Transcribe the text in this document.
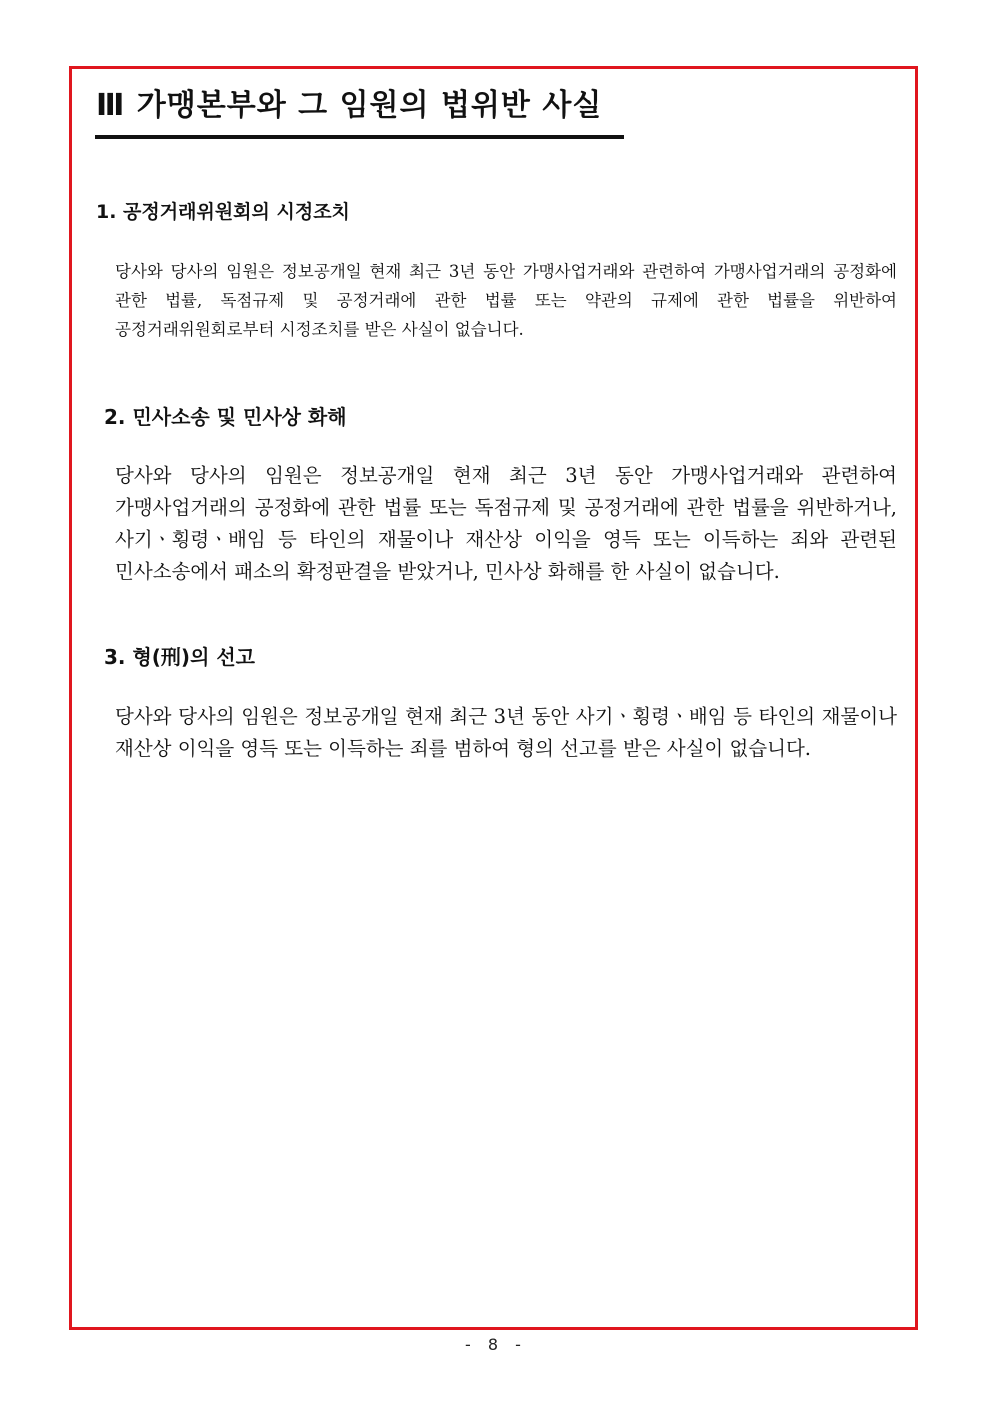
Ⅲ 가맹본부와 그 임원의 법위반 사실
1. 공정거래위원회의 시정조치

당사와 당사의 임원은 정보공개일 현재 최근 3년 동안 가맹사업거래와 관련하여 가맹사업거래의 공정화에 관한 법률, 독점규제 및 공정거래에 관한 법률 또는 약관의 규제에 관한 법률을 위반하여 공정거래위원회로부터 시정조치를 받은 사실이 없습니다.

2. 민사소송 및 민사상 화해

당사와 당사의 임원은 정보공개일 현재 최근 3년 동안 가맹사업거래와 관련하여 가맹사업거래의 공정화에 관한 법률 또는 독점규제 및 공정거래에 관한 법률을 위반하거나, 사기ㆍ횡령ㆍ배임 등 타인의 재물이나 재산상 이익을 영득 또는 이득하는 죄와 관련된 민사소송에서 패소의 확정판결을 받았거나, 민사상 화해를 한 사실이 없습니다.

3. 형(刑)의 선고

당사와 당사의 임원은 정보공개일 현재 최근 3년 동안 사기ㆍ횡령ㆍ배임 등 타인의 재물이나 재산상 이익을 영득 또는 이득하는 죄를 범하여 형의 선고를 받은 사실이 없습니다.

- 8 -
